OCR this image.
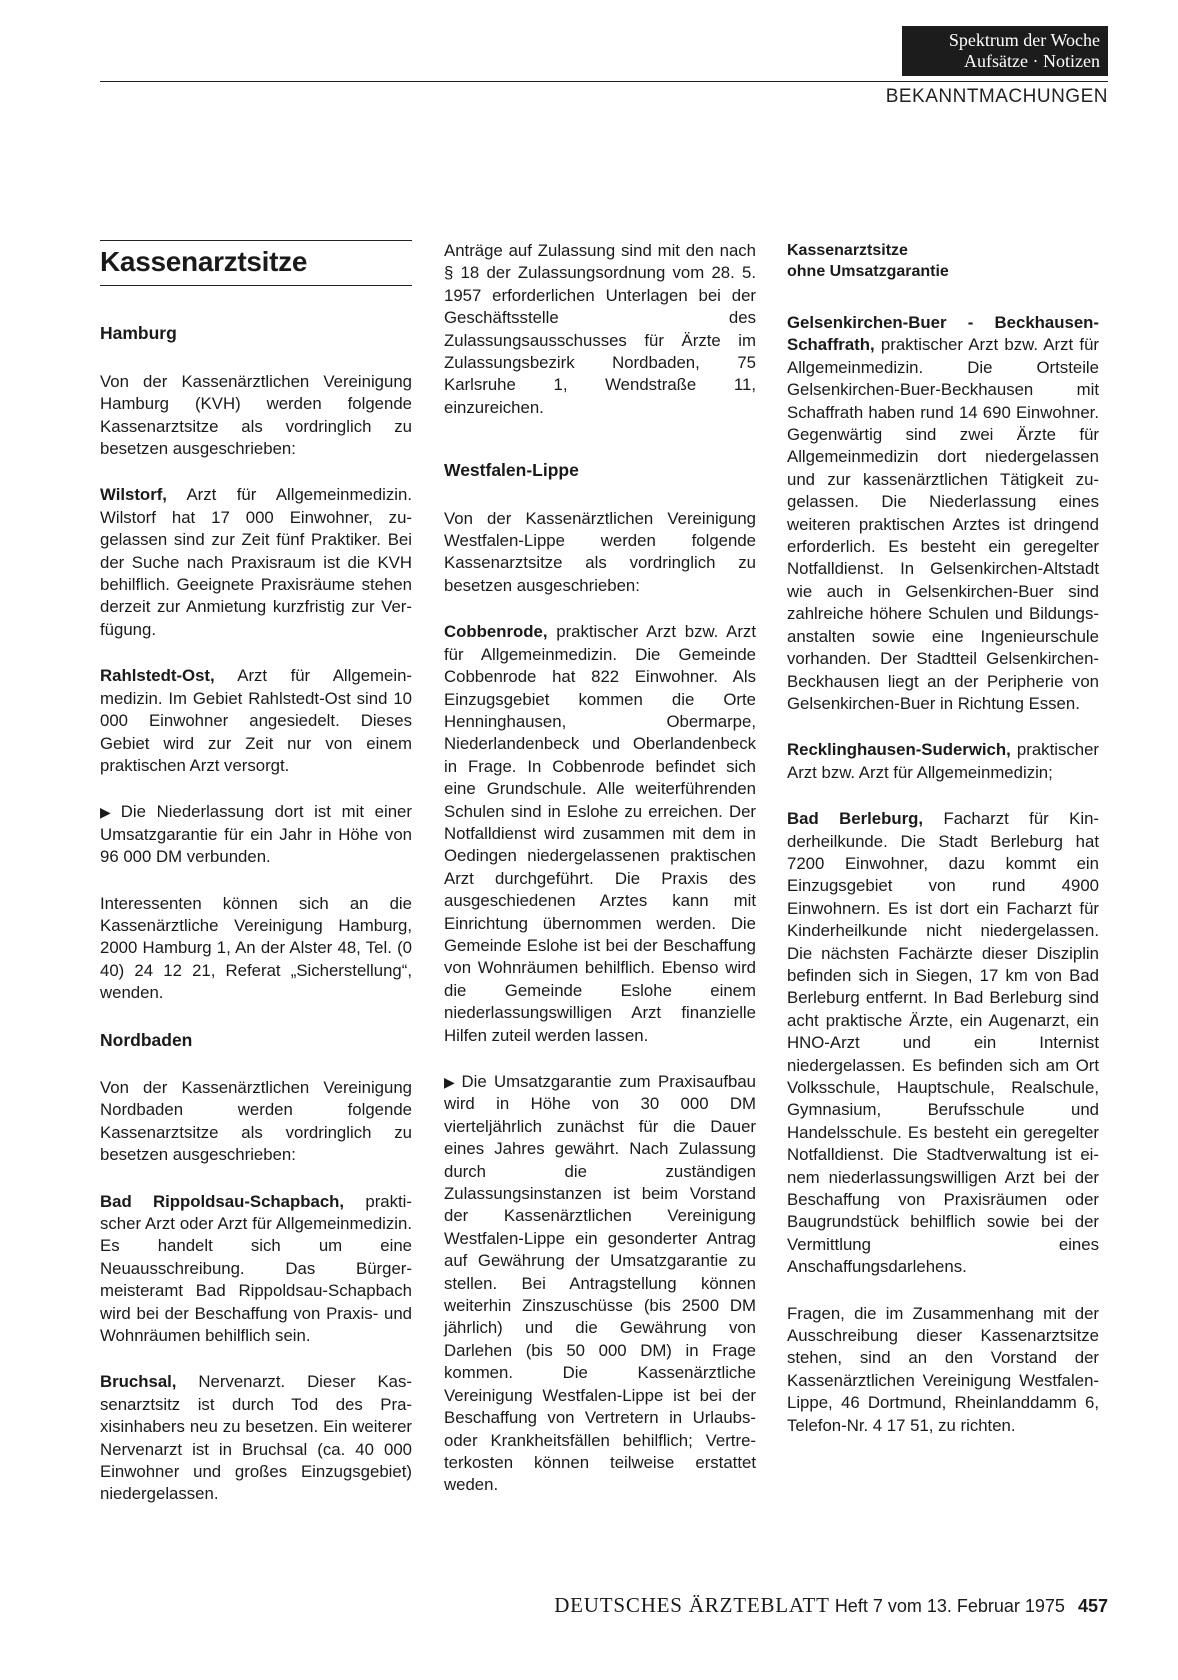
Spektrum der Woche
Aufsätze · Notizen
BEKANNTMACHUNGEN
Kassenarztsitze
Hamburg

Von der Kassenärztlichen Vereinigung Hamburg (KVH) werden folgende Kassenarztsitze als vordringlich zu besetzen ausgeschrieben:

Wilstorf, Arzt für Allgemeinmedizin. Wilstorf hat 17 000 Einwohner, zugelassen sind zur Zeit fünf Praktiker. Bei der Suche nach Praxisraum ist die KVH behilflich. Geeignete Praxisräume stehen derzeit zur Anmietung kurzfristig zur Verfügung.

Rahlstedt-Ost, Arzt für Allgemeinmedizin. Im Gebiet Rahlstedt-Ost sind 10 000 Einwohner angesiedelt. Dieses Gebiet wird zur Zeit nur von einem praktischen Arzt versorgt.

▶ Die Niederlassung dort ist mit einer Umsatzgarantie für ein Jahr in Höhe von 96 000 DM verbunden.

Interessenten können sich an die Kassenärztliche Vereinigung Hamburg, 2000 Hamburg 1, An der Alster 48, Tel. (0 40) 24 12 21, Referat „Sicherstellung“, wenden.

Nordbaden

Von der Kassenärztlichen Vereinigung Nordbaden werden folgende Kassenarztsitze als vordringlich zu besetzen ausgeschrieben:

Bad Rippoldsau-Schapbach, praktischer Arzt oder Arzt für Allgemeinmedizin. Es handelt sich um eine Neuausschreibung. Das Bürgermeisteramt Bad Rippoldsau-Schapbach wird bei der Beschaffung von Praxis- und Wohnräumen behilflich sein.

Bruchsal, Nervenarzt. Dieser Kassenarztsitz ist durch Tod des Praxisinhabers neu zu besetzen. Ein weiterer Nervenarzt ist in Bruchsal (ca. 40 000 Einwohner und großes Einzugsgebiet) niedergelassen.

Anträge auf Zulassung sind mit den nach § 18 der Zulassungsordnung vom 28. 5. 1957 erforderlichen Unterlagen bei der Geschäftsstelle des Zulassungsausschusses für Ärzte im Zulassungsbezirk Nordbaden, 75 Karlsruhe 1, Wendstraße 11, einzureichen.

Westfalen-Lippe

Von der Kassenärztlichen Vereinigung Westfalen-Lippe werden folgende Kassenarztsitze als vordringlich zu besetzen ausgeschrieben:

Cobbenrode, praktischer Arzt bzw. Arzt für Allgemeinmedizin. Die Gemeinde Cobbenrode hat 822 Einwohner. Als Einzugsgebiet kommen die Orte Henninghausen, Obermarpe, Niederlandenbeck und Oberlandenbeck in Frage. In Cobbenrode befindet sich eine Grundschule. Alle weiterführenden Schulen sind in Eslohe zu erreichen. Der Notfalldienst wird zusammen mit dem in Oedingen niedergelassenen praktischen Arzt durchgeführt. Die Praxis des ausgeschiedenen Arztes kann mit Einrichtung übernommen werden. Die Gemeinde Eslohe ist bei der Beschaffung von Wohnräumen behilflich. Ebenso wird die Gemeinde Eslohe einem niederlassungswilligen Arzt finanzielle Hilfen zuteil werden lassen.

▶ Die Umsatzgarantie zum Praxisaufbau wird in Höhe von 30 000 DM vierteljährlich zunächst für die Dauer eines Jahres gewährt. Nach Zulassung durch die zuständigen Zulassungsinstanzen ist beim Vorstand der Kassenärztlichen Vereinigung Westfalen-Lippe ein gesonderter Antrag auf Gewährung der Umsatzgarantie zu stellen. Bei Antragstellung können weiterhin Zinszuschüsse (bis 2500 DM jährlich) und die Gewährung von Darlehen (bis 50 000 DM) in Frage kommen. Die Kassenärztliche Vereinigung Westfalen-Lippe ist bei der Beschaffung von Vertretern in Urlaubs- oder Krankheitsfällen behilflich; Vertreterkosten können teilweise erstattet weden.

Kassenarztsitze
ohne Umsatzgarantie

Gelsenkirchen-Buer - Beckhausen-Schaffrath, praktischer Arzt bzw. Arzt für Allgemeinmedizin. Die Ortsteile Gelsenkirchen-Buer-Beckhausen mit Schaffrath haben rund 14 690 Einwohner. Gegenwärtig sind zwei Ärzte für Allgemeinmedizin dort niedergelassen und zur kassenärztlichen Tätigkeit zugelassen. Die Niederlassung eines weiteren praktischen Arztes ist dringend erforderlich. Es besteht ein geregelter Notfalldienst. In Gelsenkirchen-Altstadt wie auch in Gelsenkirchen-Buer sind zahlreiche höhere Schulen und Bildungsanstalten sowie eine Ingenieurschule vorhanden. Der Stadtteil Gelsenkirchen-Beckhausen liegt an der Peripherie von Gelsenkirchen-Buer in Richtung Essen.

Recklinghausen-Suderwich, praktischer Arzt bzw. Arzt für Allgemeinmedizin;

Bad Berleburg, Facharzt für Kinderheilkunde. Die Stadt Berleburg hat 7200 Einwohner, dazu kommt ein Einzugsgebiet von rund 4900 Einwohnern. Es ist dort ein Facharzt für Kinderheilkunde nicht niedergelassen. Die nächsten Fachärzte dieser Disziplin befinden sich in Siegen, 17 km von Bad Berleburg entfernt. In Bad Berleburg sind acht praktische Ärzte, ein Augenarzt, ein HNO-Arzt und ein Internist niedergelassen. Es befinden sich am Ort Volksschule, Hauptschule, Realschule, Gymnasium, Berufsschule und Handelsschule. Es besteht ein geregelter Notfalldienst. Die Stadtverwaltung ist einem niederlassungswilligen Arzt bei der Beschaffung von Praxisräumen oder Baugrundstück behilflich sowie bei der Vermittlung eines Anschaffungsdarlehens.

Fragen, die im Zusammenhang mit der Ausschreibung dieser Kassenarztsitze stehen, sind an den Vorstand der Kassenärztlichen Vereinigung Westfalen-Lippe, 46 Dortmund, Rheinlanddamm 6, Telefon-Nr. 4 17 51, zu richten.

DEUTSCHES ÄRZTEBLATT Heft 7 vom 13. Februar 1975 457
